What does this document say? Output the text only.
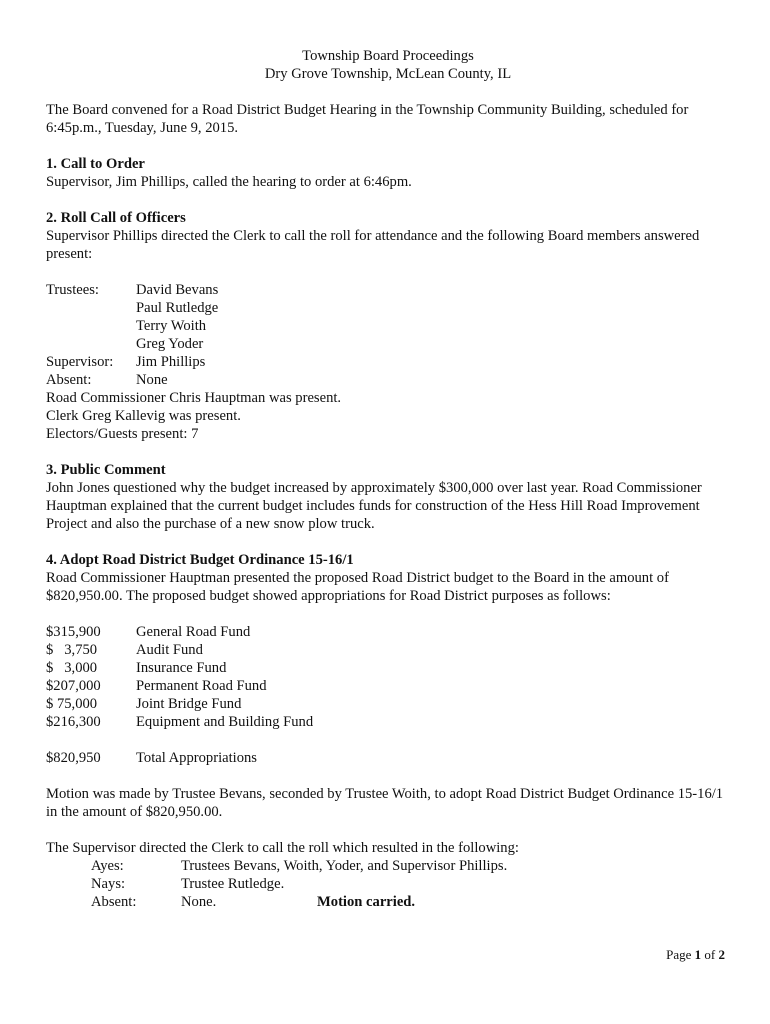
Township Board Proceedings
Dry Grove Township, McLean County, IL
The Board convened for a Road District Budget Hearing in the Township Community Building, scheduled for 6:45p.m., Tuesday, June 9, 2015.
1. Call to Order
Supervisor, Jim Phillips, called the hearing to order at 6:46pm.
2. Roll Call of Officers
Supervisor Phillips directed the Clerk to call the roll for attendance and the following Board members answered present:
Trustees:	David Bevans
Paul Rutledge
Terry Woith
Greg Yoder
Supervisor:	Jim Phillips
Absent:	None
Road Commissioner Chris Hauptman was present.
Clerk Greg Kallevig was present.
Electors/Guests present: 7
3. Public Comment
John Jones questioned why the budget increased by approximately $300,000 over last year. Road Commissioner Hauptman explained that the current budget includes funds for construction of the Hess Hill Road Improvement Project and also the purchase of a new snow plow truck.
4. Adopt Road District Budget Ordinance 15-16/1
Road Commissioner Hauptman presented the proposed Road District budget to the Board in the amount of $820,950.00. The proposed budget showed appropriations for Road District purposes as follows:
$315,900	General Road Fund
$   3,750	Audit Fund
$   3,000	Insurance Fund
$207,000	Permanent Road Fund
$ 75,000	Joint Bridge Fund
$216,300	Equipment and Building Fund
$820,950	Total Appropriations
Motion was made by Trustee Bevans, seconded by Trustee Woith, to adopt Road District Budget Ordinance 15-16/1 in the amount of $820,950.00.
The Supervisor directed the Clerk to call the roll which resulted in the following:
Ayes:	Trustees Bevans, Woith, Yoder, and Supervisor Phillips.
Nays:	Trustee Rutledge.
Absent:	None.	Motion carried.
Page 1 of 2
